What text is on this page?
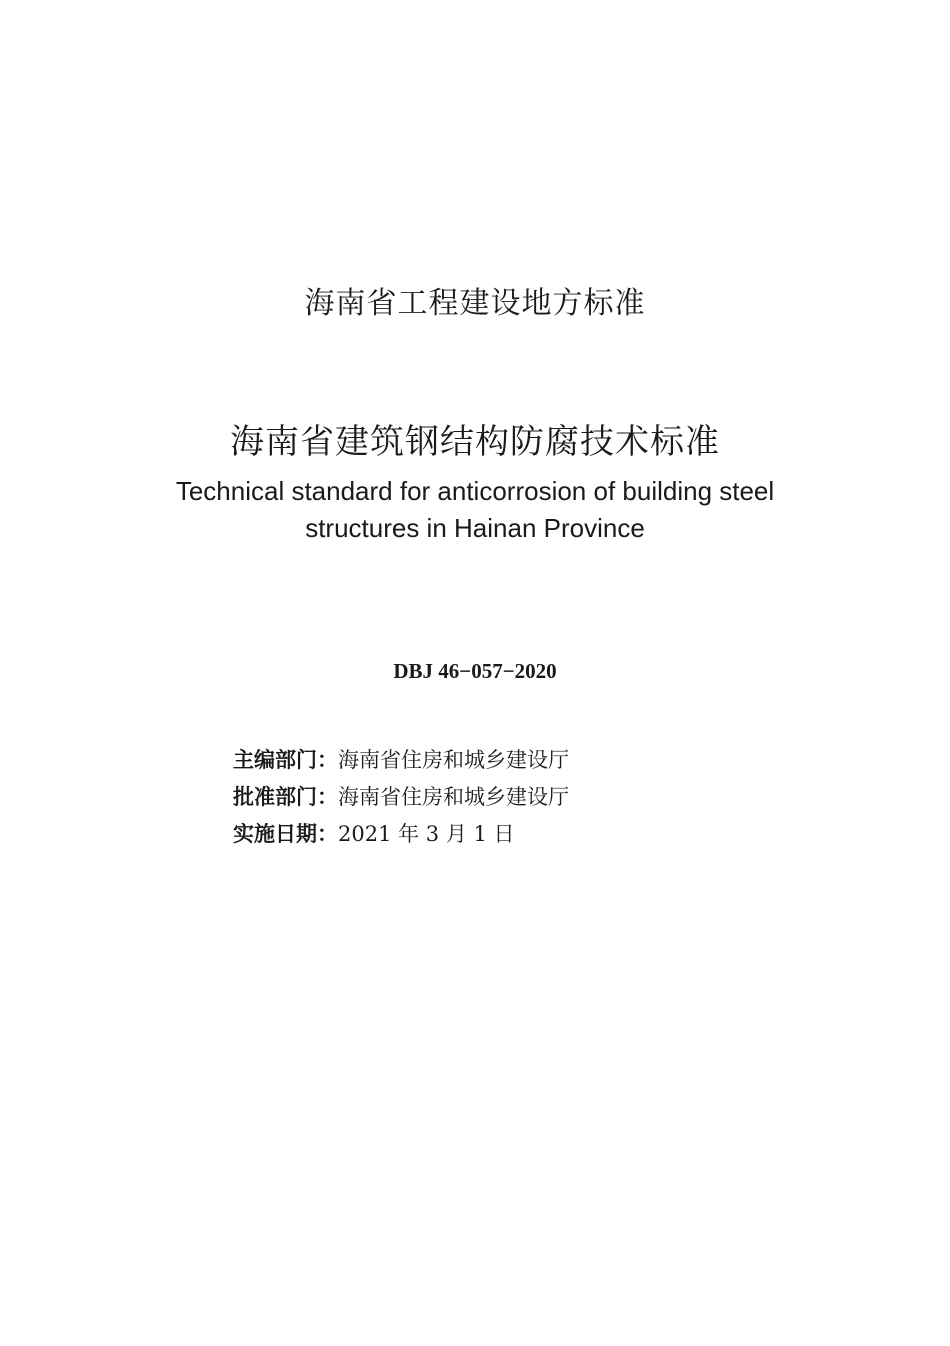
海南省工程建设地方标准
海南省建筑钢结构防腐技术标准
Technical standard for anticorrosion of building steel
structures in Hainan Province
DBJ 46−057−2020
主编部门：海南省住房和城乡建设厅
批准部门：海南省住房和城乡建设厅
实施日期：2021 年 3 月 1 日
